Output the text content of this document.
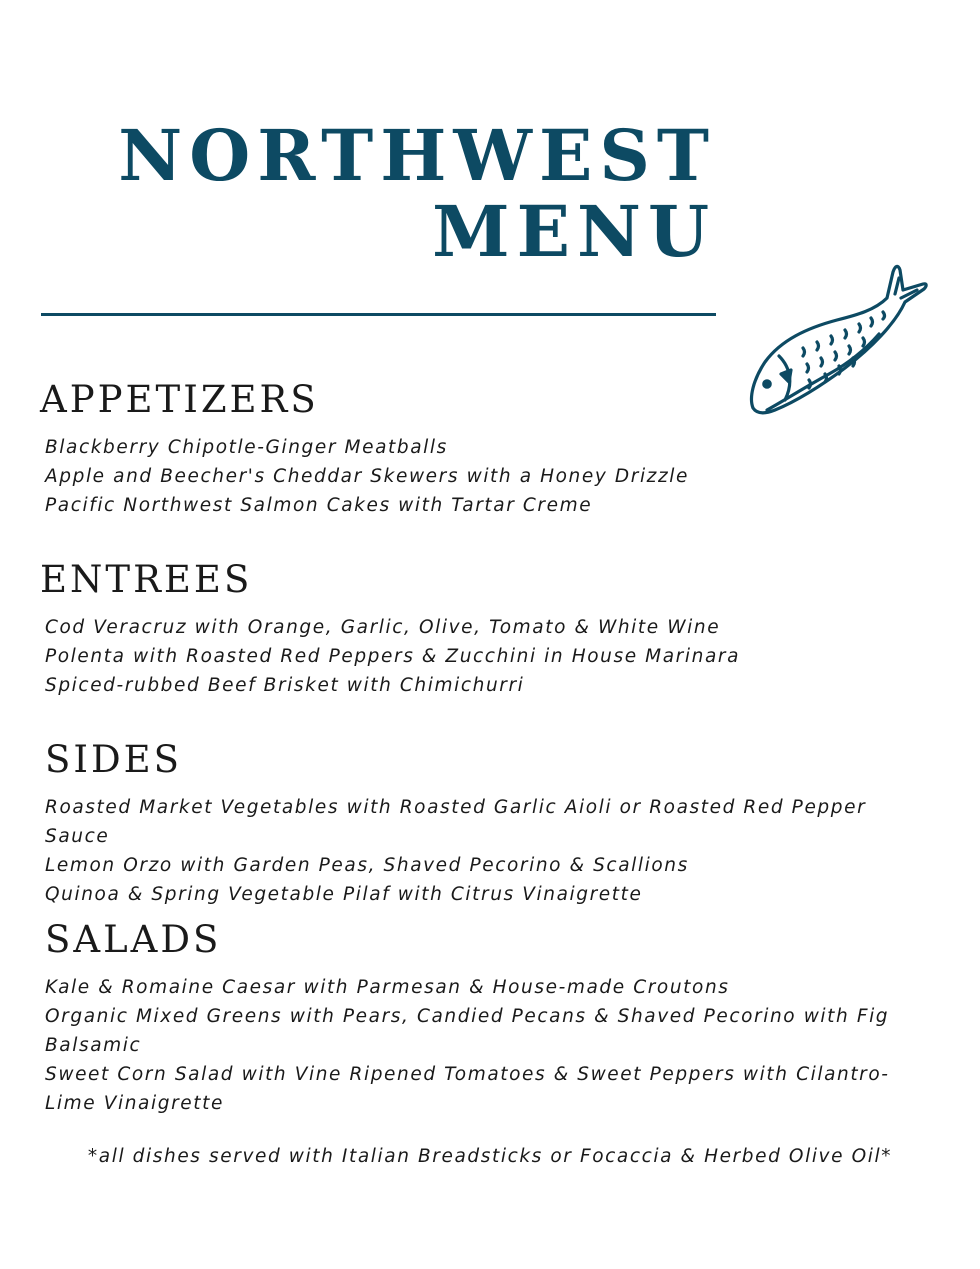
NORTHWEST
MENU
APPETIZERS
Blackberry Chipotle-Ginger Meatballs
Apple and Beecher's Cheddar Skewers with a Honey Drizzle
Pacific Northwest Salmon Cakes with Tartar Creme
ENTREES
Cod Veracruz with Orange, Garlic, Olive, Tomato & White Wine
Polenta with Roasted Red Peppers & Zucchini in House Marinara
Spiced-rubbed Beef Brisket with Chimichurri
SIDES
Roasted Market Vegetables with Roasted Garlic Aioli or Roasted Red Pepper Sauce
Lemon Orzo with Garden Peas, Shaved Pecorino & Scallions
Quinoa & Spring Vegetable Pilaf with Citrus Vinaigrette
SALADS
Kale & Romaine Caesar with Parmesan & House-made Croutons
Organic Mixed Greens with Pears, Candied Pecans & Shaved Pecorino with Fig Balsamic
Sweet Corn Salad with Vine Ripened Tomatoes & Sweet Peppers with Cilantro-Lime Vinaigrette
*all dishes served with Italian Breadsticks or Focaccia & Herbed Olive Oil*
